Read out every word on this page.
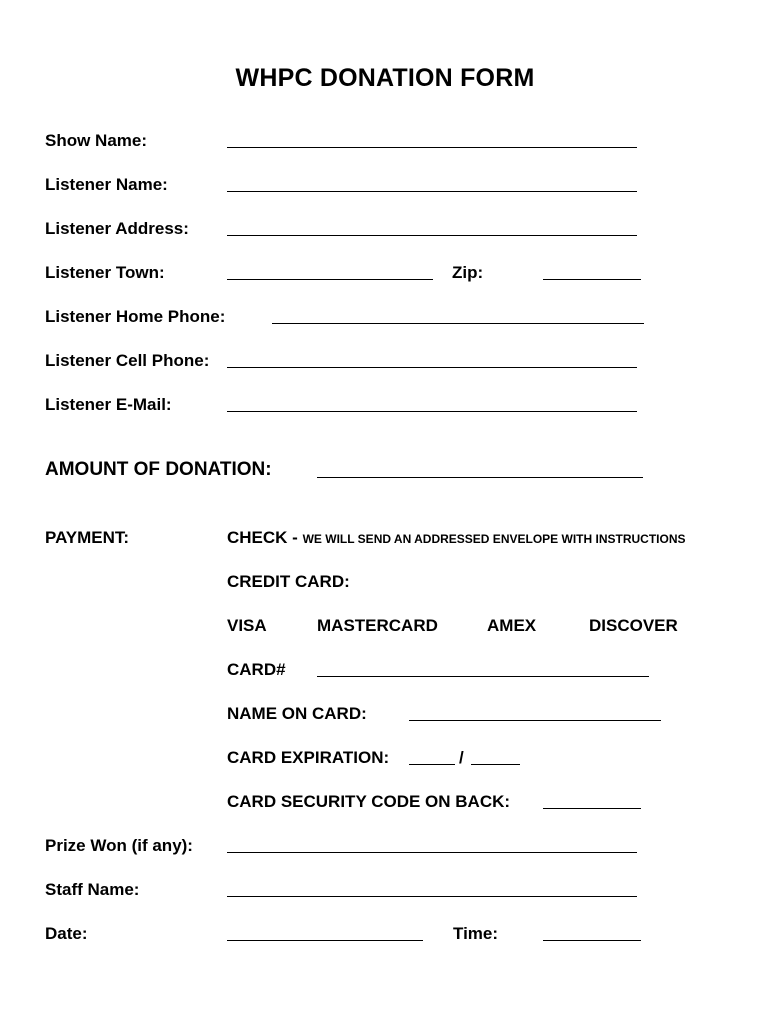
WHPC DONATION FORM
Show Name:
Listener Name:
Listener Address:
Listener Town:	Zip:
Listener Home Phone:
Listener Cell Phone:
Listener E-Mail:
AMOUNT OF DONATION:
PAYMENT:	CHECK - WE WILL SEND AN ADDRESSED ENVELOPE WITH INSTRUCTIONS
CREDIT CARD:
VISA	MASTERCARD	AMEX	DISCOVER
CARD#
NAME ON CARD:
CARD EXPIRATION:	/
CARD SECURITY CODE ON BACK:
Prize Won (if any):
Staff Name:
Date:	Time:
